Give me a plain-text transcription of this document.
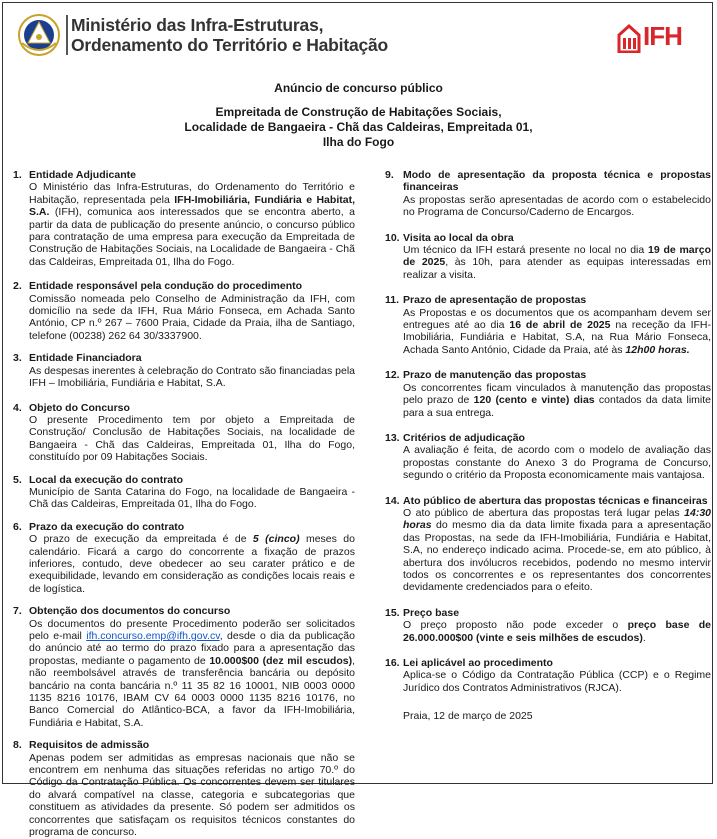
Ministério das Infra-Estruturas,
Ordenamento do Território e Habitação	IFH
Anúncio de concurso público
Empreitada de Construção de Habitações Sociais,
Localidade de Bangaeira - Chã das Caldeiras, Empreitada 01,
Ilha do Fogo
1. Entidade Adjudicante
O Ministério das Infra-Estruturas, do Ordenamento do Território e Habitação, representada pela IFH-Imobiliária, Fundiária e Habitat, S.A. (IFH), comunica aos interessados que se encontra aberto, a partir da data de publicação do presente anúncio, o concurso público para contratação de uma empresa para execução da Empreitada de Construção de Habitações Sociais, na Localidade de Bangaeira - Chã das Caldeiras, Empreitada 01, Ilha do Fogo.
2. Entidade responsável pela condução do procedimento
Comissão nomeada pelo Conselho de Administração da IFH, com domicílio na sede da IFH, Rua Mário Fonseca, em Achada Santo António, CP n.º 267 – 7600 Praia, Cidade da Praia, ilha de Santiago, telefone (00238) 262 64 30/3337900.
3. Entidade Financiadora
As despesas inerentes à celebração do Contrato são financiadas pela IFH – Imobiliária, Fundiária e Habitat, S.A.
4. Objeto do Concurso
O presente Procedimento tem por objeto a Empreitada de Construção/ Conclusão de Habitações Sociais, na localidade de Bangaeira - Chã das Caldeiras, Empreitada 01, Ilha do Fogo, constituído por 09 Habitações Sociais.
5. Local da execução do contrato
Município de Santa Catarina do Fogo, na localidade de Bangaeira - Chã das Caldeiras, Empreitada 01, Ilha do Fogo.
6. Prazo da execução do contrato
O prazo de execução da empreitada é de 5 (cinco) meses do calendário. Ficará a cargo do concorrente a fixação de prazos inferiores, contudo, deve obedecer ao seu carater prático e de exequibilidade, levando em consideração as condições locais reais e de logística.
7. Obtenção dos documentos do concurso
Os documentos do presente Procedimento poderão ser solicitados pelo e-mail ifh.concurso.emp@ifh.gov.cv, desde o dia da publicação do anúncio até ao termo do prazo fixado para a apresentação das propostas, mediante o pagamento de 10.000$00 (dez mil escudos), não reembolsável através de transferência bancária ou depósito bancário na conta bancária n.º 11 35 82 16 10001, NIB 0003 0000 1135 8216 10176, IBAM CV 64 0003 0000 1135 8216 10176, no Banco Comercial do Atlântico-BCA, a favor da IFH-Imobiliária, Fundiária e Habitat, S.A.
8. Requisitos de admissão
Apenas podem ser admitidas as empresas nacionais que não se encontrem em nenhuma das situações referidas no artigo 70.º do Código da Contratação Pública. Os concorrentes devem ser titulares do alvará compatível na classe, categoria e subcategorias que constituem as atividades da presente. Só podem ser admitidos os concorrentes que satisfaçam os requisitos técnicos constantes do programa de concurso.
9. Modo de apresentação da proposta técnica e propostas financeiras
As propostas serão apresentadas de acordo com o estabelecido no Programa de Concurso/Caderno de Encargos.
10. Visita ao local da obra
Um técnico da IFH estará presente no local no dia 19 de março de 2025, às 10h, para atender as equipas interessadas em realizar a visita.
11. Prazo de apresentação de propostas
As Propostas e os documentos que os acompanham devem ser entregues até ao dia 16 de abril de 2025 na receção da IFH-Imobiliária, Fundiária e Habitat, S.A, na Rua Mário Fonseca, Achada Santo António, Cidade da Praia, até às 12h00 horas.
12. Prazo de manutenção das propostas
Os concorrentes ficam vinculados à manutenção das propostas pelo prazo de 120 (cento e vinte) dias contados da data limite para a sua entrega.
13. Critérios de adjudicação
A avaliação é feita, de acordo com o modelo de avaliação das propostas constante do Anexo 3 do Programa de Concurso, segundo o critério da Proposta economicamente mais vantajosa.
14. Ato público de abertura das propostas técnicas e financeiras
O ato público de abertura das propostas terá lugar pelas 14:30 horas do mesmo dia da data limite fixada para a apresentação das Propostas, na sede da IFH-Imobiliária, Fundiária e Habitat, S.A, no endereço indicado acima. Procede-se, em ato público, à abertura dos invólucros recebidos, podendo no mesmo intervir todos os concorrentes e os representantes dos concorrentes devidamente credenciados para o efeito.
15. Preço base
O preço proposto não pode exceder o preço base de 26.000.000$00 (vinte e seis milhões de escudos).
16. Lei aplicável ao procedimento
Aplica-se o Código da Contratação Pública (CCP) e o Regime Jurídico dos Contratos Administrativos (RJCA).
Praia, 12 de março de 2025
